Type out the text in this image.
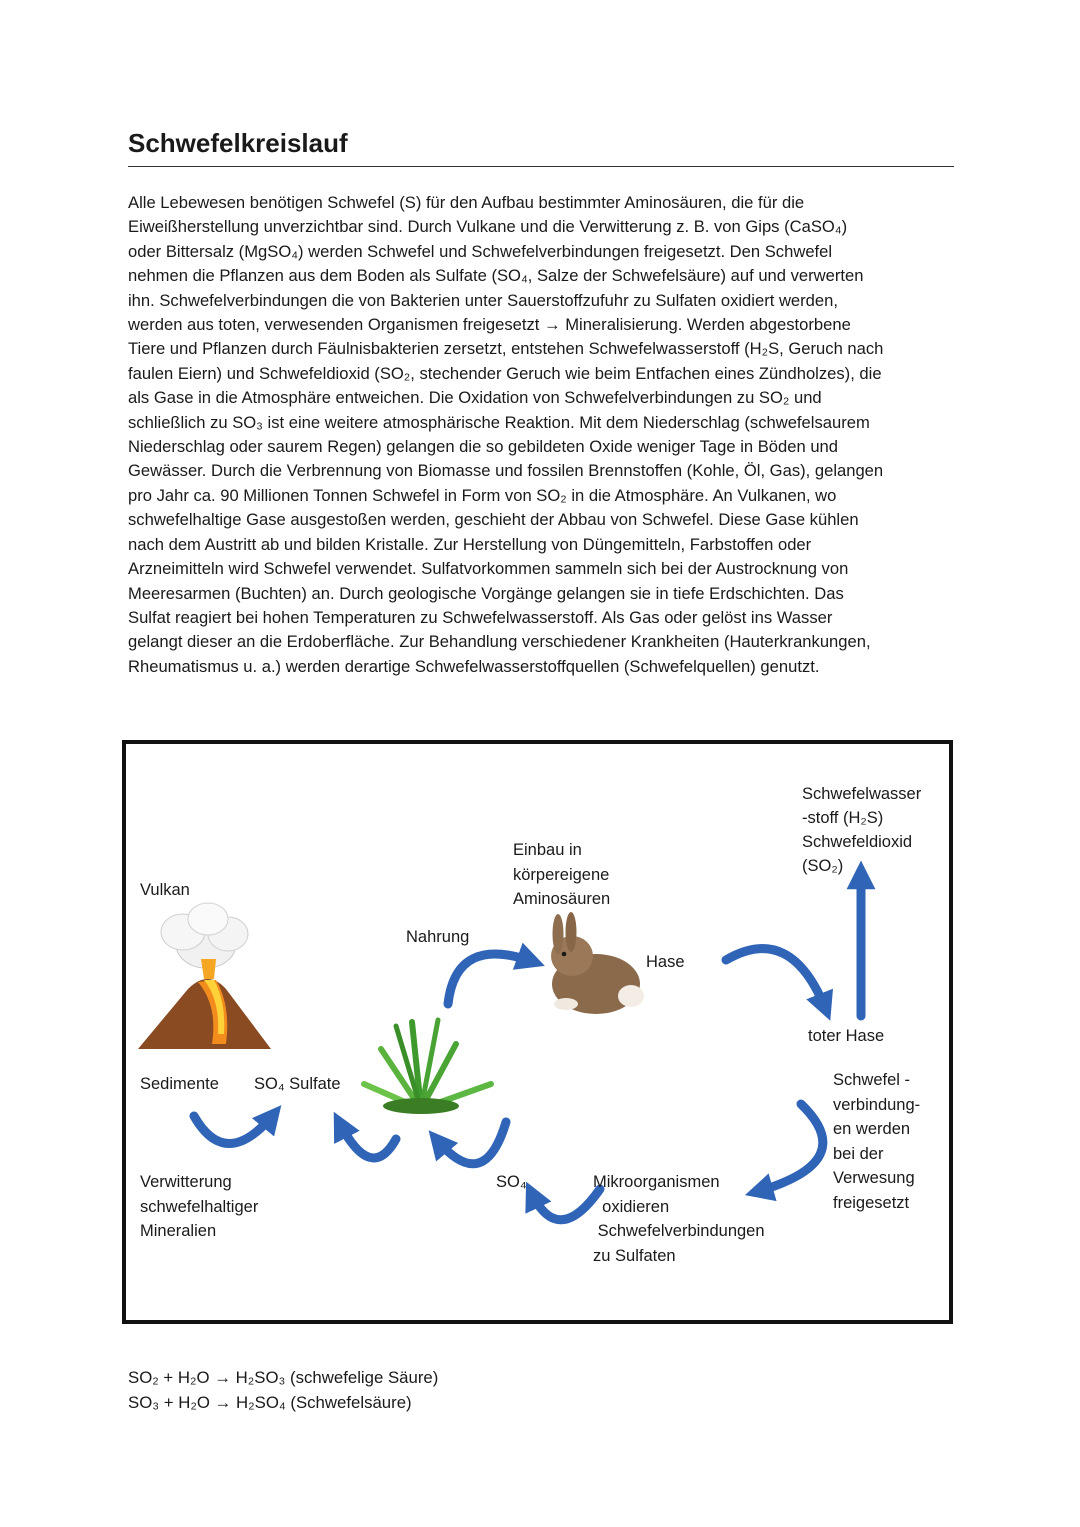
Schwefelkreislauf

Alle Lebewesen benötigen Schwefel (S) für den Aufbau bestimmter Aminosäuren, die für die
Eiweißherstellung unverzichtbar sind. Durch Vulkane und die Verwitterung z. B. von Gips (CaSO₄)
oder Bittersalz (MgSO₄) werden Schwefel und Schwefelverbindungen freigesetzt. Den Schwefel
nehmen die Pflanzen aus dem Boden als Sulfate (SO₄, Salze der Schwefelsäure) auf und verwerten
ihn. Schwefelverbindungen die von Bakterien unter Sauerstoffzufuhr zu Sulfaten oxidiert werden,
werden aus toten, verwesenden Organismen freigesetzt → Mineralisierung. Werden abgestorbene
Tiere und Pflanzen durch Fäulnisbakterien zersetzt, entstehen Schwefelwasserstoff (H₂S, Geruch nach
faulen Eiern) und Schwefeldioxid (SO₂, stechender Geruch wie beim Entfachen eines Zündholzes), die
als Gase in die Atmosphäre entweichen. Die Oxidation von Schwefelverbindungen zu SO₂ und
schließlich zu SO₃ ist eine weitere atmosphärische Reaktion. Mit dem Niederschlag (schwefelsaurem
Niederschlag oder saurem Regen) gelangen die so gebildeten Oxide weniger Tage in Böden und
Gewässer. Durch die Verbrennung von Biomasse und fossilen Brennstoffen (Kohle, Öl, Gas), gelangen
pro Jahr ca. 90 Millionen Tonnen Schwefel in Form von SO₂ in die Atmosphäre. An Vulkanen, wo
schwefelhaltige Gase ausgestoßen werden, geschieht der Abbau von Schwefel. Diese Gase kühlen
nach dem Austritt ab und bilden Kristalle. Zur Herstellung von Düngemitteln, Farbstoffen oder
Arzneimitteln wird Schwefel verwendet. Sulfatvorkommen sammeln sich bei der Austrocknung von
Meeresarmen (Buchten) an. Durch geologische Vorgänge gelangen sie in tiefe Erdschichten. Das
Sulfat reagiert bei hohen Temperaturen zu Schwefelwasserstoff. Als Gas oder gelöst ins Wasser
gelangt dieser an die Erdoberfläche. Zur Behandlung verschiedener Krankheiten (Hauterkrankungen,
Rheumatismus u. a.) werden derartige Schwefelwasserstoffquellen (Schwefelquellen) genutzt.

Vulkan
Einbau in
körpereigene
Aminosäuren
Nahrung
Hase
Schwefelwasser
-stoff (H₂S)
Schwefeldioxid
(SO₂)
toter Hase
Sedimente SO₄ Sulfate	Schwefel -
verbindung-
en werden
bei der
Verwesung
freigesetzt
Verwitterung
schwefelhaltiger
Mineralien
SO₄	Mikroorganismen
oxidieren
Schwefelverbindungen
zu Sulfaten
SO₂ + H₂O → H₂SO₃ (schwefelige Säure)
SO₃ + H₂O → H₂SO₄ (Schwefelsäure)
